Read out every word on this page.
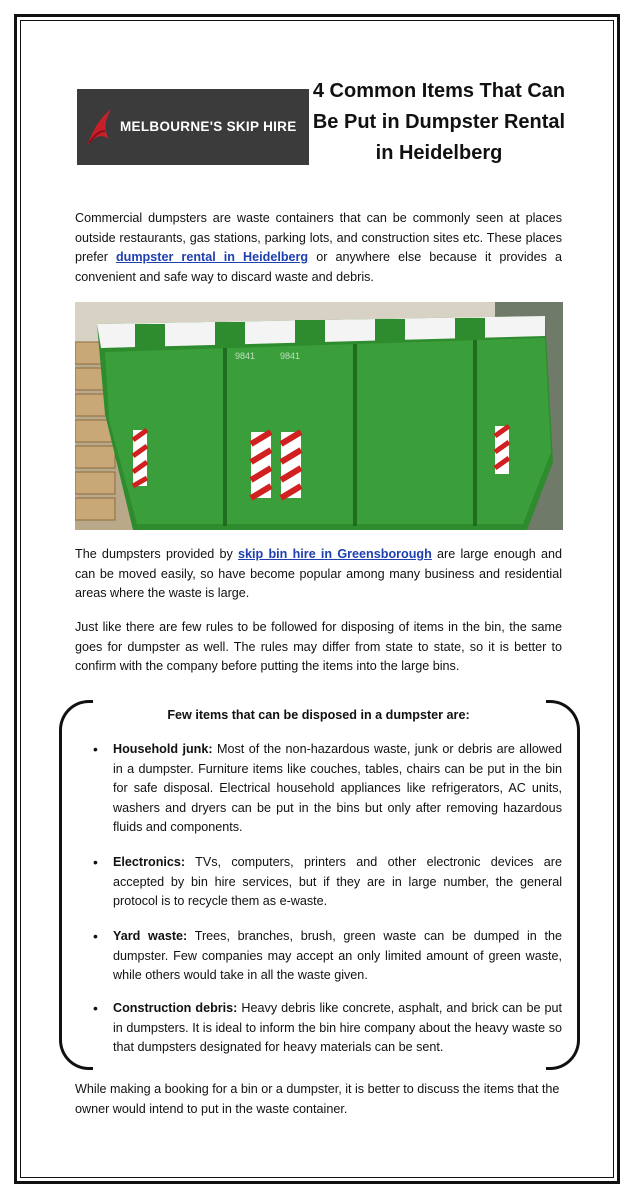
MELBOURNE'S SKIP HIRE
4 Common Items That Can Be Put in Dumpster Rental in Heidelberg

Commercial dumpsters are waste containers that can be commonly seen at places outside restaurants, gas stations, parking lots, and construction sites etc. These places prefer dumpster rental in Heidelberg or anywhere else because it provides a convenient and safe way to discard waste and debris.

9841	9841

The dumpsters provided by skip bin hire in Greensborough are large enough and can be moved easily, so have become popular among many business and residential areas where the waste is large.

Just like there are few rules to be followed for disposing of items in the bin, the same goes for dumpster as well. The rules may differ from state to state, so it is better to confirm with the company before putting the items into the large bins.

Few items that can be disposed in a dumpster are:
• Household junk: Most of the non-hazardous waste, junk or debris are allowed in a dumpster. Furniture items like couches, tables, chairs can be put in the bin for safe disposal. Electrical household appliances like refrigerators, AC units, washers and dryers can be put in the bins but only after removing hazardous fluids and components.
• Electronics: TVs, computers, printers and other electronic devices are accepted by bin hire services, but if they are in large number, the general protocol is to recycle them as e-waste.
• Yard waste: Trees, branches, brush, green waste can be dumped in the dumpster. Few companies may accept an only limited amount of green waste, while others would take in all the waste given.
• Construction debris: Heavy debris like concrete, asphalt, and brick can be put in dumpsters. It is ideal to inform the bin hire company about the heavy waste so that dumpsters designated for heavy materials can be sent.

While making a booking for a bin or a dumpster, it is better to discuss the items that the owner would intend to put in the waste container.
